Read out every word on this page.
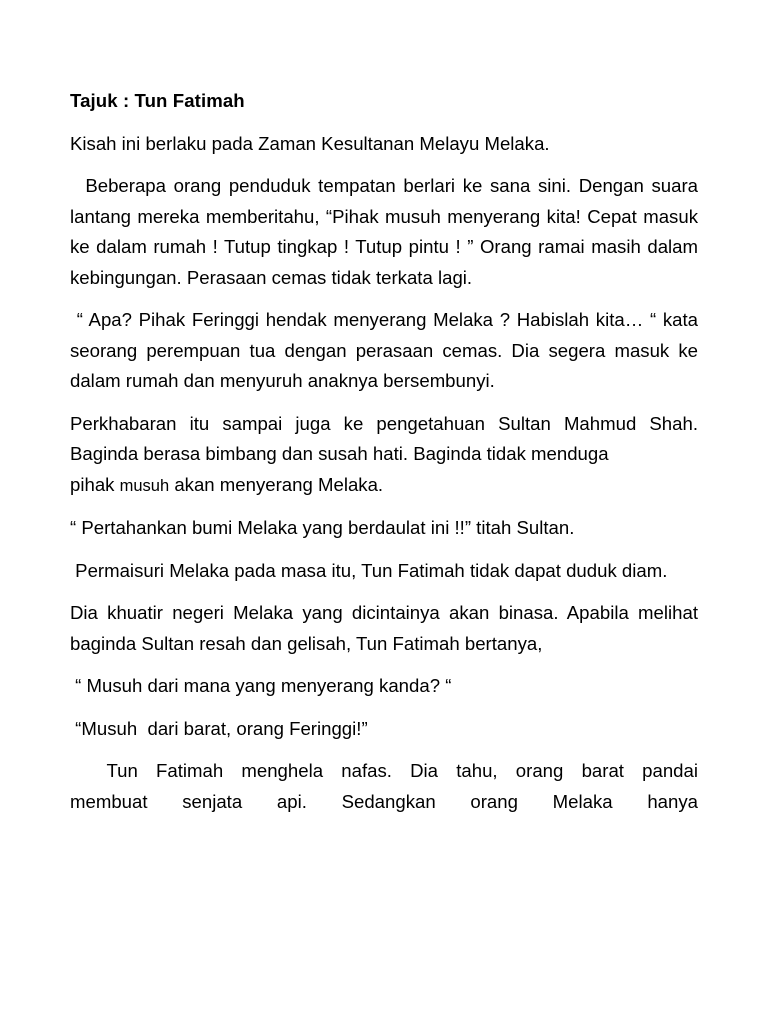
Tajuk : Tun Fatimah

Kisah ini berlaku pada Zaman Kesultanan Melayu Melaka.

Beberapa orang penduduk tempatan berlari ke sana sini. Dengan suara lantang mereka memberitahu, “Pihak musuh menyerang kita! Cepat masuk ke dalam rumah ! Tutup tingkap ! Tutup pintu ! ” Orang ramai masih dalam kebingungan. Perasaan cemas tidak terkata lagi.

“ Apa? Pihak Feringgi hendak menyerang Melaka ? Habislah kita… “ kata seorang perempuan tua dengan perasaan cemas. Dia segera masuk ke dalam rumah dan menyuruh anaknya bersembunyi.

Perkhabaran itu sampai juga ke pengetahuan Sultan Mahmud Shah. Baginda berasa bimbang dan susah hati. Baginda tidak menduga

pihak musuh akan menyerang Melaka.

“ Pertahankan bumi Melaka yang berdaulat ini !!” titah Sultan.

Permaisuri Melaka pada masa itu, Tun Fatimah tidak dapat duduk diam.

Dia khuatir negeri Melaka yang dicintainya akan binasa. Apabila melihat baginda Sultan resah dan gelisah, Tun Fatimah bertanya,

“ Musuh dari mana yang menyerang kanda? “

“Musuh  dari barat, orang Feringgi!”

Tun Fatimah menghela nafas. Dia tahu, orang barat pandai

membuat senjata api. Sedangkan orang Melaka hanya
